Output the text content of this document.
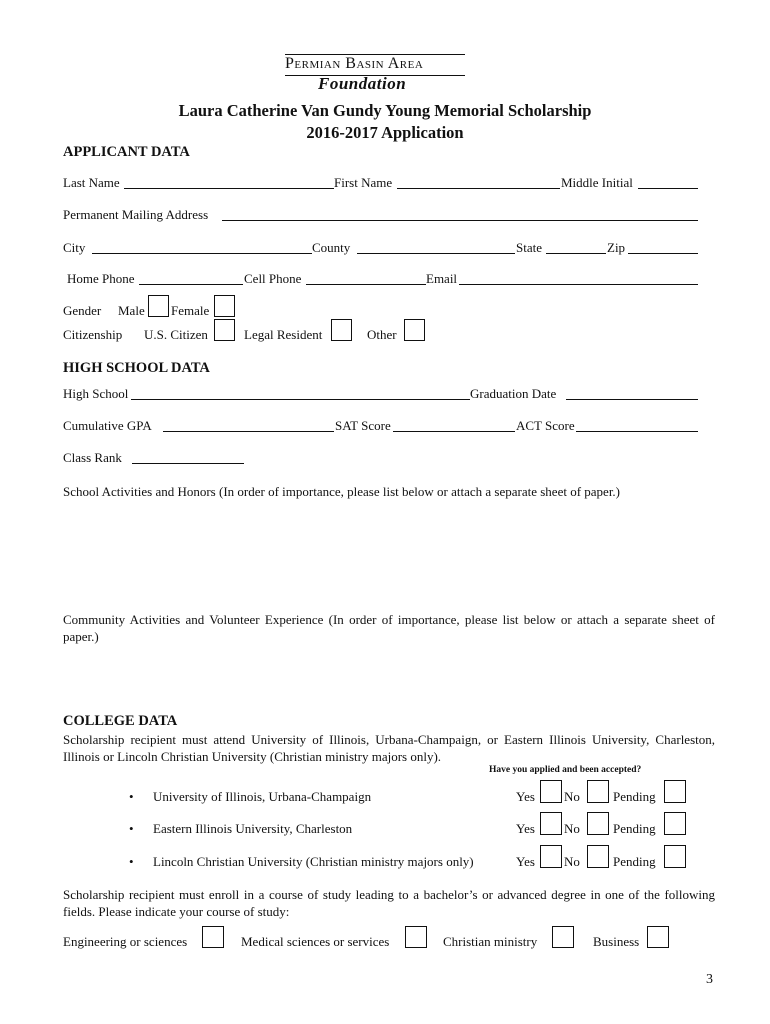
Permian Basin Area
Foundation
Laura Catherine Van Gundy Young Memorial Scholarship
2016-2017 Application
APPLICANT DATA
Last Name	First Name	Middle Initial
Permanent Mailing Address
City	County	State	Zip
Home Phone	Cell Phone	Email
Gender Male Female
Citizenship U.S. Citizen	Legal Resident	Other
HIGH SCHOOL DATA
High School	Graduation Date
Cumulative GPA	SAT Score	ACT Score
Class Rank
School Activities and Honors (In order of importance, please list below or attach a separate sheet of paper.)
Community Activities and Volunteer Experience (In order of importance, please list below or attach a separate sheet of paper.)
COLLEGE DATA
Scholarship recipient must attend University of Illinois, Urbana-Champaign, or Eastern Illinois University, Charleston, Illinois or Lincoln Christian University (Christian ministry majors only).
Have you applied and been accepted?
• University of Illinois, Urbana-Champaign	Yes No	Pending
• Eastern Illinois University, Charleston	Yes No	Pending
• Lincoln Christian University (Christian ministry majors only)	Yes No	Pending
Scholarship recipient must enroll in a course of study leading to a bachelor’s or advanced degree in one of the following fields. Please indicate your course of study:
Engineering or sciences	Medical sciences or services	Christian ministry	Business
3
